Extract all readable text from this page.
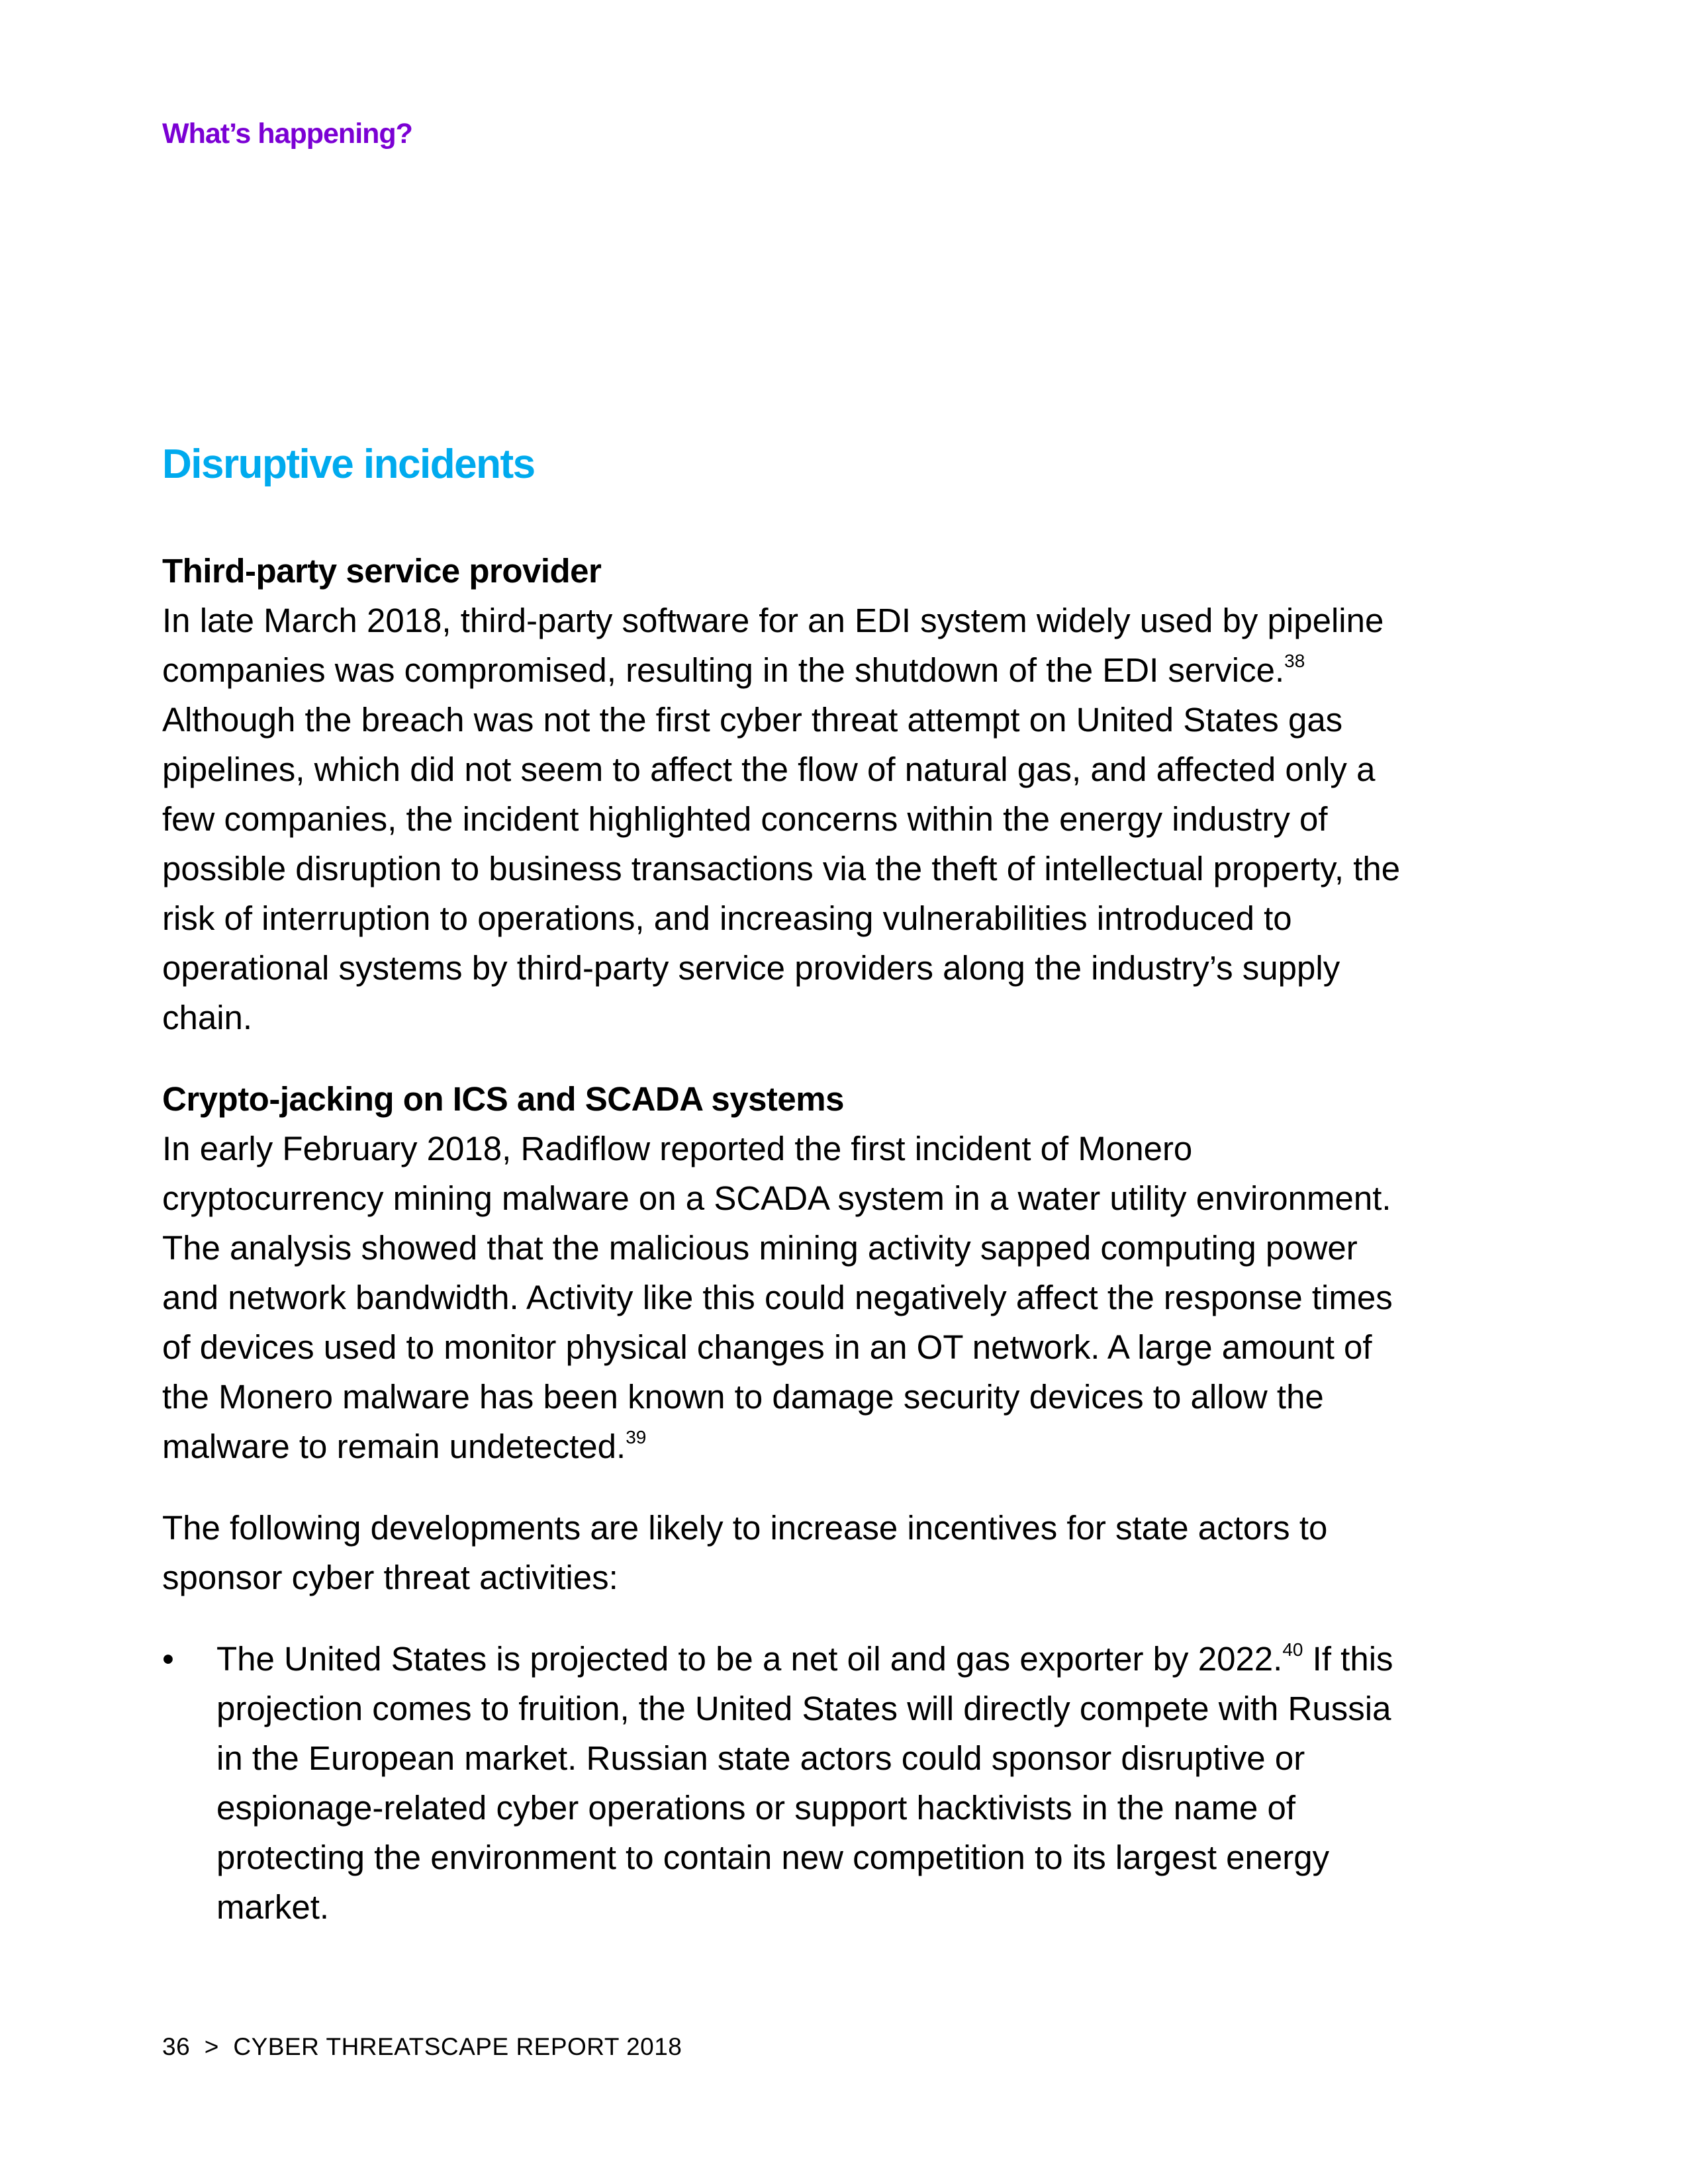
What’s happening?

Disruptive incidents
Third-party service provider

In late March 2018, third-party software for an EDI system widely used by pipeline companies was compromised, resulting in the shutdown of the EDI service.$^{38}$ Although the breach was not the first cyber threat attempt on United States gas pipelines, which did not seem to affect the flow of natural gas, and affected only a few companies, the incident highlighted concerns within the energy industry of possible disruption to business transactions via the theft of intellectual property, the risk of interruption to operations, and increasing vulnerabilities introduced to operational systems by third-party service providers along the industry’s supply chain.

Crypto-jacking on ICS and SCADA systems

In early February 2018, Radiflow reported the first incident of Monero cryptocurrency mining malware on a SCADA system in a water utility environment. The analysis showed that the malicious mining activity sapped computing power and network bandwidth. Activity like this could negatively affect the response times of devices used to monitor physical changes in an OT network. A large amount of the Monero malware has been known to damage security devices to allow the malware to remain undetected.$^{39}$

The following developments are likely to increase incentives for state actors to sponsor cyber threat activities:

• The United States is projected to be a net oil and gas exporter by 2022.40 If this projection comes to fruition, the United States will directly compete with Russia in the European market. Russian state actors could sponsor disruptive or espionage-related cyber operations or support hacktivists in the name of protecting the environment to contain new competition to its largest energy market.

36 > CYBER THREATSCAPE REPORT 2018
